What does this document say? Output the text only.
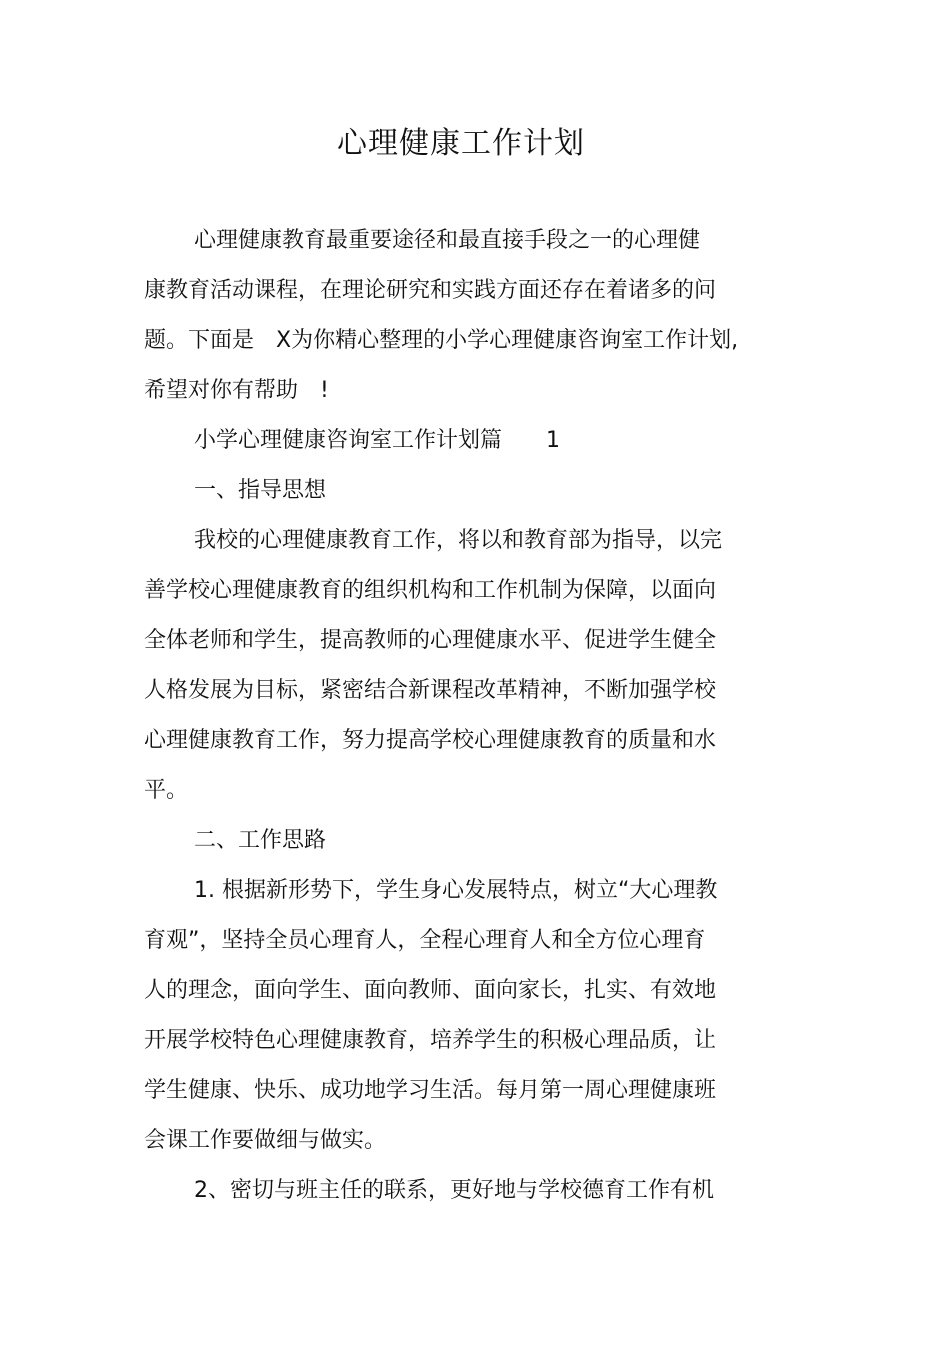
心理健康工作计划
心理健康教育最重要途径和最直接手段之一的心理健
康教育活动课程，在理论研究和实践方面还存在着诸多的问
题。下面是　X为你精心整理的小学心理健康咨询室工作计划,
希望对你有帮助　!
小学心理健康咨询室工作计划篇　　1
一、指导思想
我校的心理健康教育工作，将以和教育部为指导，以完
善学校心理健康教育的组织机构和工作机制为保障，以面向
全体老师和学生，提高教师的心理健康水平、促进学生健全
人格发展为目标，紧密结合新课程改革精神，不断加强学校
心理健康教育工作，努力提高学校心理健康教育的质量和水
平。
二、工作思路
1. 根据新形势下，学生身心发展特点，树立“大心理教
育观”，坚持全员心理育人，全程心理育人和全方位心理育
人的理念，面向学生、面向教师、面向家长，扎实、有效地
开展学校特色心理健康教育，培养学生的积极心理品质，让
学生健康、快乐、成功地学习生活。每月第一周心理健康班
会课工作要做细与做实。
2、密切与班主任的联系，更好地与学校德育工作有机
